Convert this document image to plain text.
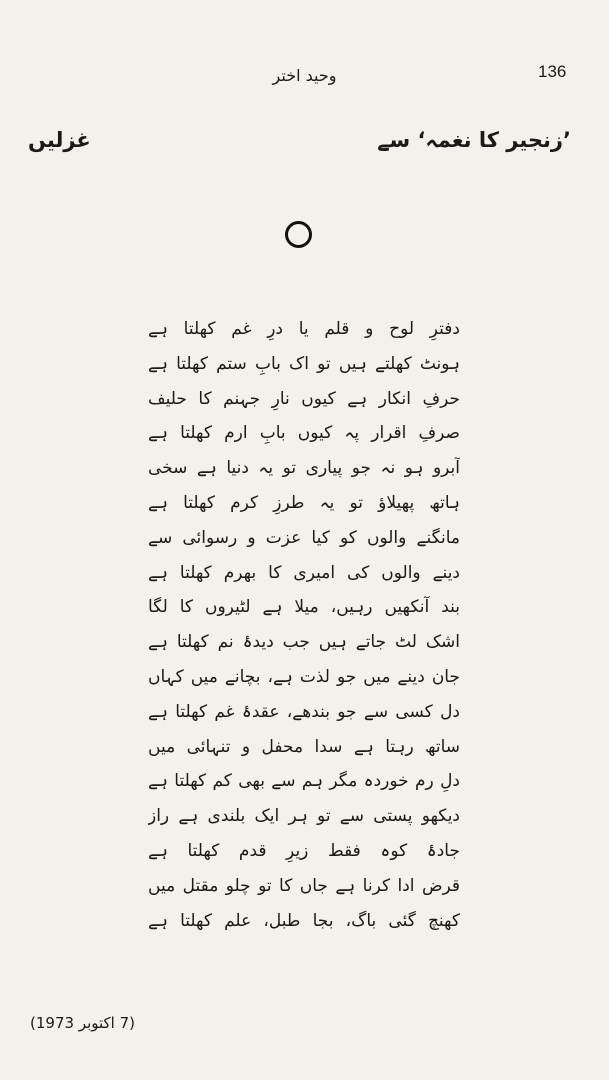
136
وحید اختر
’زنجیر کا نغمہ‘ سے
غزلیں
دفترِ لوح و قلم یا درِ غم کھلتا ہے
ہونٹ کھلتے ہیں تو اک بابِ ستم کھلتا ہے
حرفِ انکار ہے کیوں نارِ جہنم کا حلیف
صرفِ اقرار پہ کیوں بابِ ارم کھلتا ہے
آبرو ہو نہ جو پیاری تو یہ دنیا ہے سخی
ہاتھ پھیلاؤ تو یہ طرزِ کرم کھلتا ہے
مانگنے والوں کو کیا عزت و رسوائی سے
دینے والوں کی امیری کا بھرم کھلتا ہے
بند آنکھیں رہیں، میلا ہے لٹیروں کا لگا
اشک لٹ جاتے ہیں جب دیدۂ نم کھلتا ہے
جان دینے میں جو لذت ہے، بچانے میں کہاں
دل کسی سے جو بندھے، عقدۂ غم کھلتا ہے
ساتھ رہتا ہے سدا محفل و تنہائی میں
دلِ رم خوردہ مگر ہم سے بھی کم کھلتا ہے
دیکھو پستی سے تو ہر ایک بلندی ہے راز
جادۂ کوہ فقط زیرِ قدم کھلتا ہے
قرض ادا کرنا ہے جاں کا تو چلو مقتل میں
کھنچ گئی باگ، بجا طبل، علم کھلتا ہے
(7 اکتوبر 1973)
